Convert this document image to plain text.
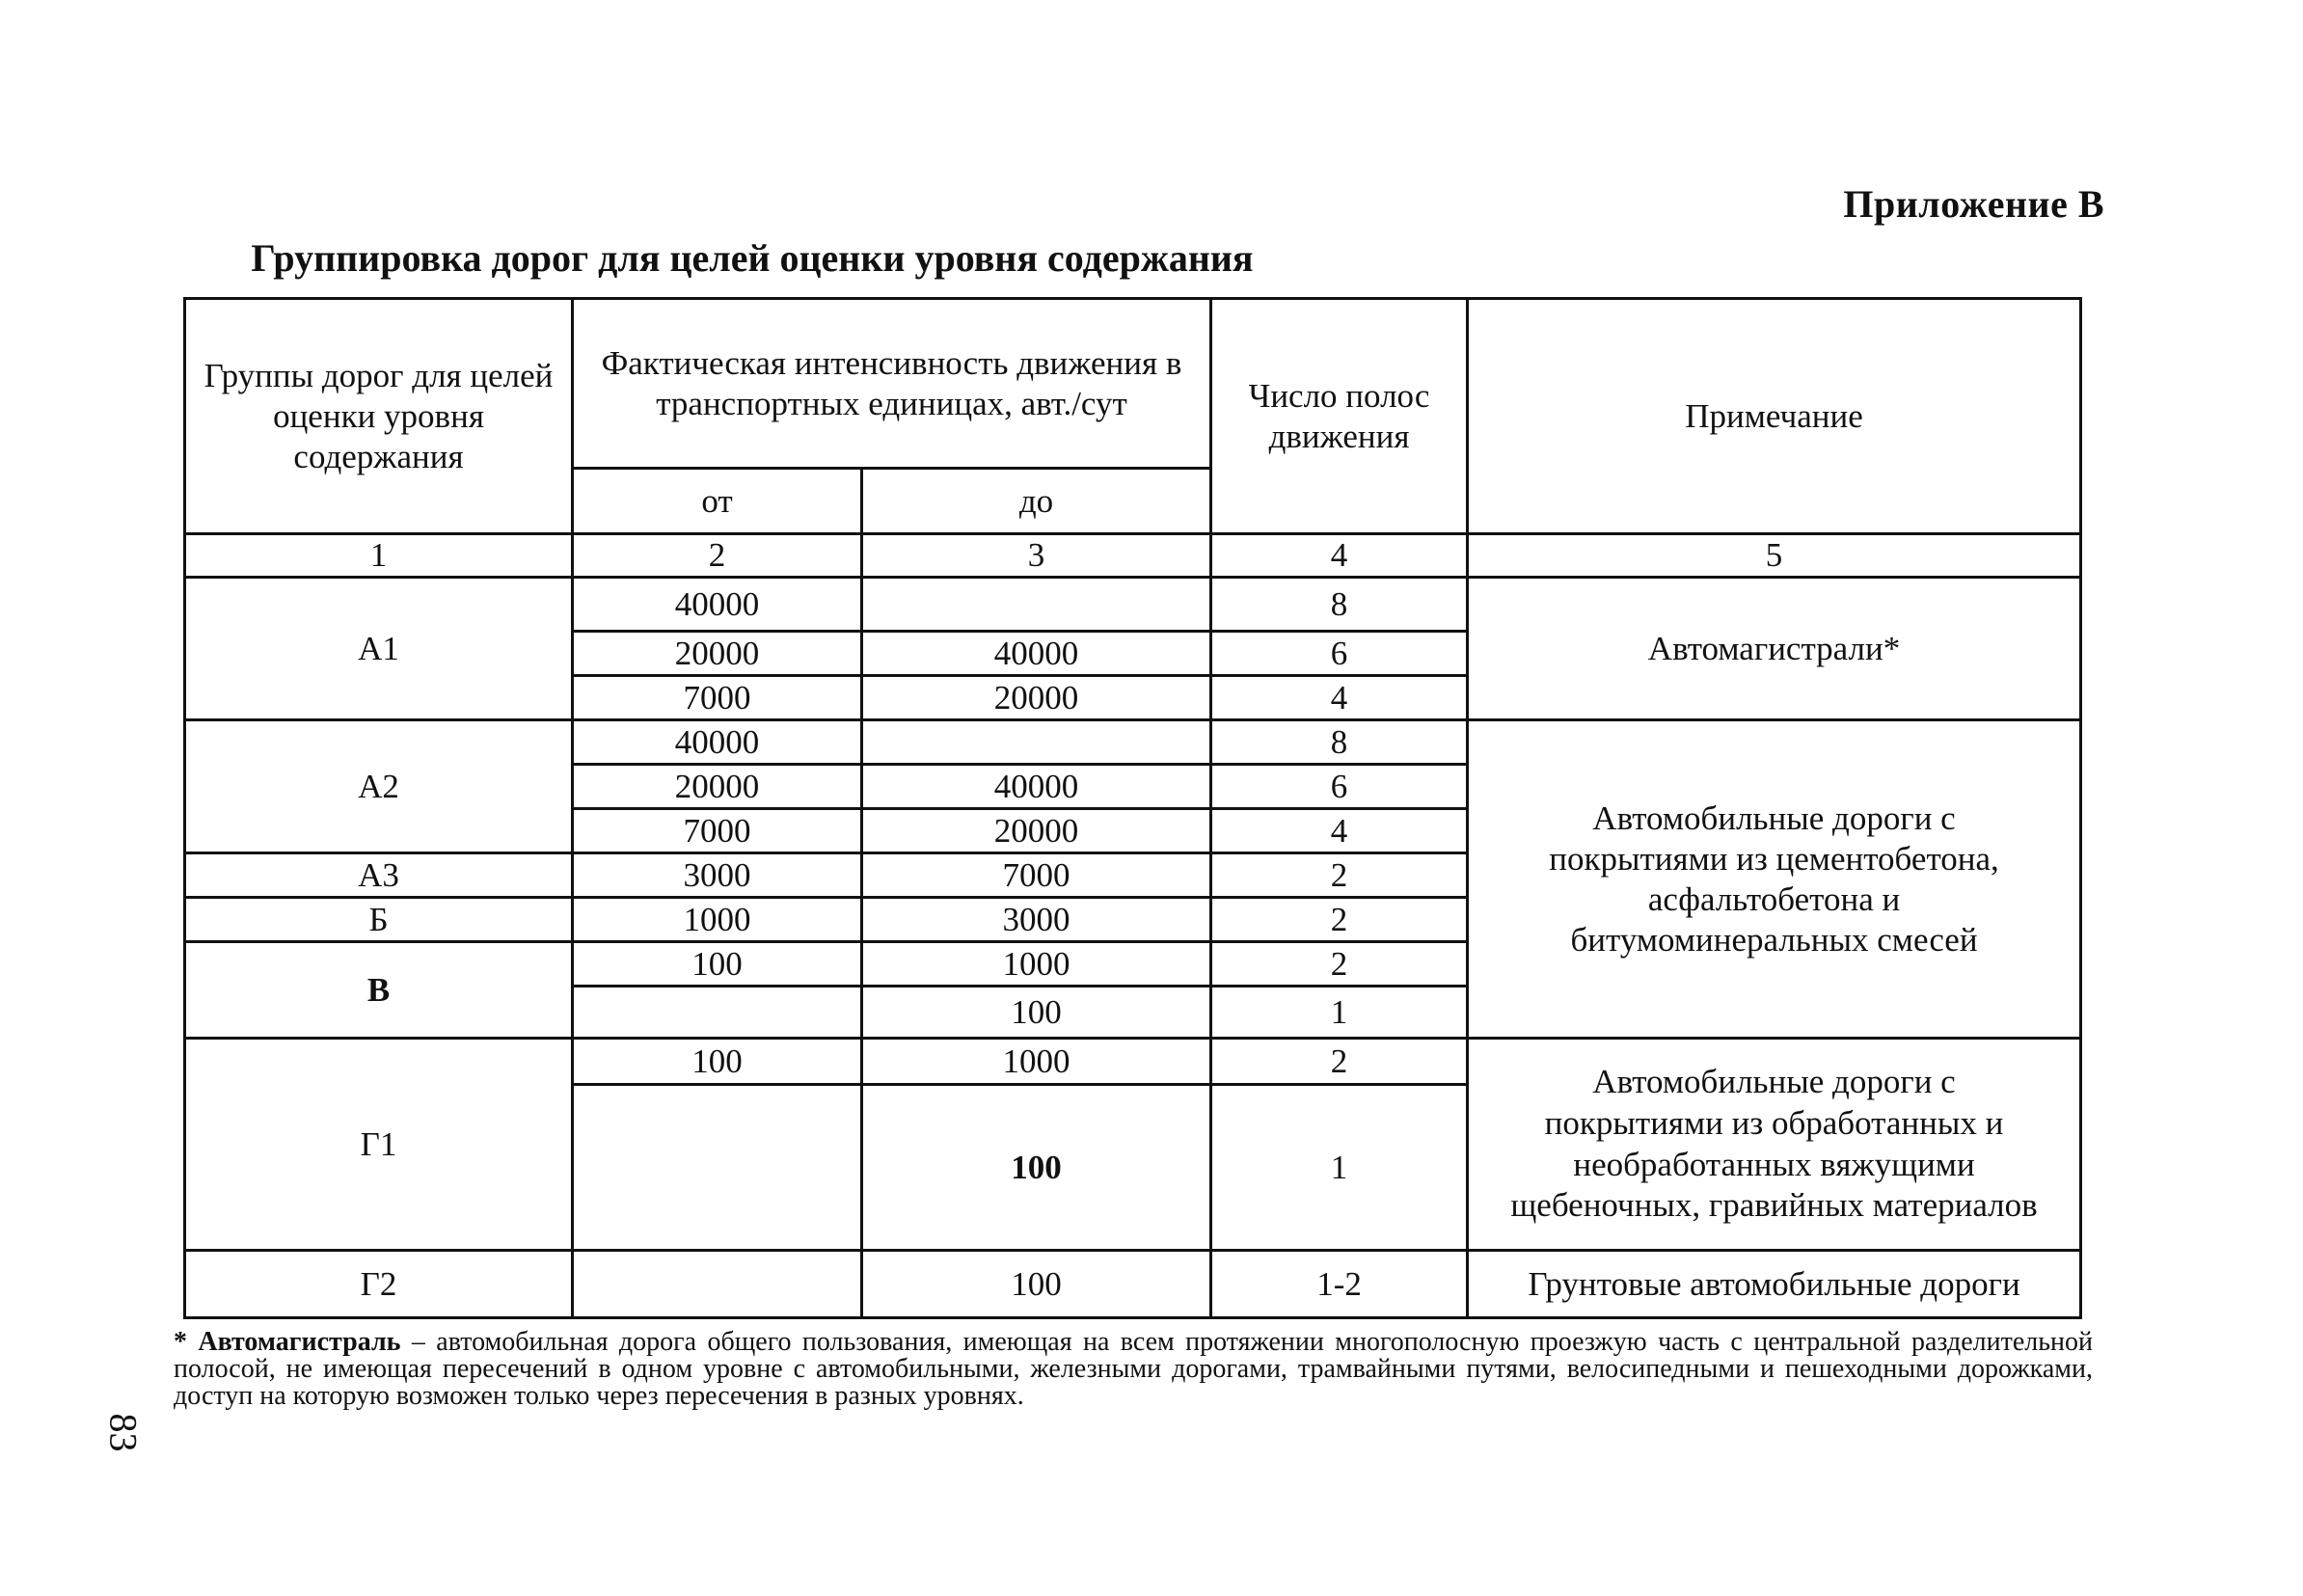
Приложение В
Группировка дорог для целей оценки уровня содержания
Группы дорог для целей оценки уровня содержания	Фактическая интенсивность движения в транспортных единицах, авт./сут		Число полос движения	Примечание
	от	до		
1	2	3	4	5
А1	40000		8	Автомагистрали*
	20000	40000	6	
	7000	20000	4	
А2	40000		8	Автомобильные дороги с покрытиями из цементобетона, асфальтобетона и битумоминеральных смесей
	20000	40000	6	
	7000	20000	4	
А3	3000	7000	2	
Б	1000	3000	2	
В	100	1000	2	
		100	1	
Г1	100	1000	2	Автомобильные дороги с покрытиями из обработанных и необработанных вяжущими щебеночных, гравийных материалов
		100	1	
Г2		100	1-2	Грунтовые автомобильные дороги
* Автомагистраль – автомобильная дорога общего пользования, имеющая на всем протяжении многополосную проезжую часть с центральной разделительной полосой, не имеющая пересечений в одном уровне с автомобильными, железными дорогами, трамвайными путями, велосипедными и пешеходными дорожками, доступ на которую возможен только через пересечения в разных уровнях.
83
